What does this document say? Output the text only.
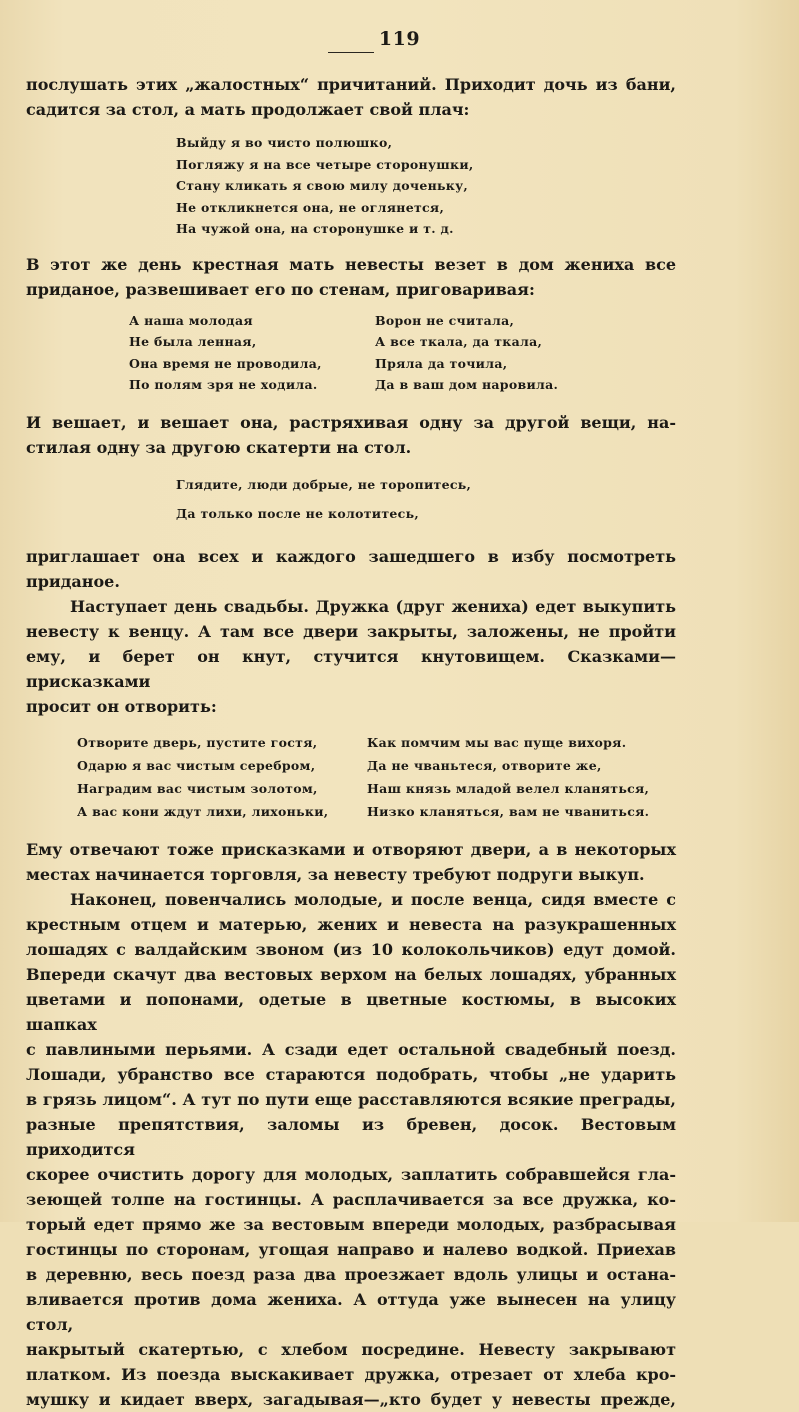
119

послушать этих „жалостных“ причитаний. Приходит дочь из бани,

садится за стол, а мать продолжает свой плач:

Выйду я во чисто полюшко,
Погляжу я на все четыре сторонушки,
Стану кликать я свою милу доченьку,
Не откликнется она, не оглянется,
На чужой она, на сторонушке и т. д.

В этот же день крестная мать невесты везет в дом жениха все

приданое, развешивает его по стенам, приговаривая:

А наша молодая
Не была ленная,
Она время не проводила,
По полям зря не ходила.
Ворон не считала,
А все ткала, да ткала,
Пряла да точила,
Да в ваш дом наровила.

И вешает, и вешает она, растряхивая одну за другой вещи, на-

стилая одну за другою скатерти на стол.

Глядите, люди добрые, не торопитесь,
Да только после не колотитесь,

приглашает она всех и каждого зашедшего в избу посмотреть

приданое.

Наступает день свадьбы. Дружка (друг жениха) едет выкупить

невесту к венцу. А там все двери закрыты, заложены, не пройти

ему, и берет он кнут, стучится кнутовищем. Сказками—присказками

просит он отворить:

Отворите дверь, пустите гостя,
Одарю я вас чистым серебром,
Наградим вас чистым золотом,
А вас кони ждут лихи, лихоньки,
Как помчим мы вас пуще вихоря.
Да не чваньтеся, отворите же,
Наш князь младой велел кланяться,
Низко кланяться, вам не чваниться.

Ему отвечают тоже присказками и отворяют двери, а в некоторых

местах начинается торговля, за невесту требуют подруги выкуп.

Наконец, повенчались молодые, и после венца, сидя вместе с

крестным отцем и матерью, жених и невеста на разукрашенных

лошадях с валдайским звоном (из 10 колокольчиков) едут домой.

Впереди скачут два вестовых верхом на белых лошадях, убранных

цветами и попонами, одетые в цветные костюмы, в высоких шапках

с павлиными перьями. А сзади едет остальной свадебный поезд.

Лошади, убранство все стараются подобрать, чтобы „не ударить

в грязь лицом“. А тут по пути еще расставляются всякие преграды,

разные препятствия, заломы из бревен, досок. Вестовым приходится

скорее очистить дорогу для молодых, заплатить собравшейся гла-

зеющей толпе на гостинцы. А расплачивается за все дружка, ко-

торый едет прямо же за вестовым впереди молодых, разбрасывая

гостинцы по сторонам, угощая направо и налево водкой. Приехав

в деревню, весь поезд раза два проезжает вдоль улицы и остана-

вливается против дома жениха. А оттуда уже вынесен на улицу стол,

накрытый скатертью, с хлебом посредине. Невесту закрывают

платком. Из поезда выскакивает дружка, отрезает от хлеба кро-

мушку и кидает вверх, загадывая—„кто будет у невесты прежде,
